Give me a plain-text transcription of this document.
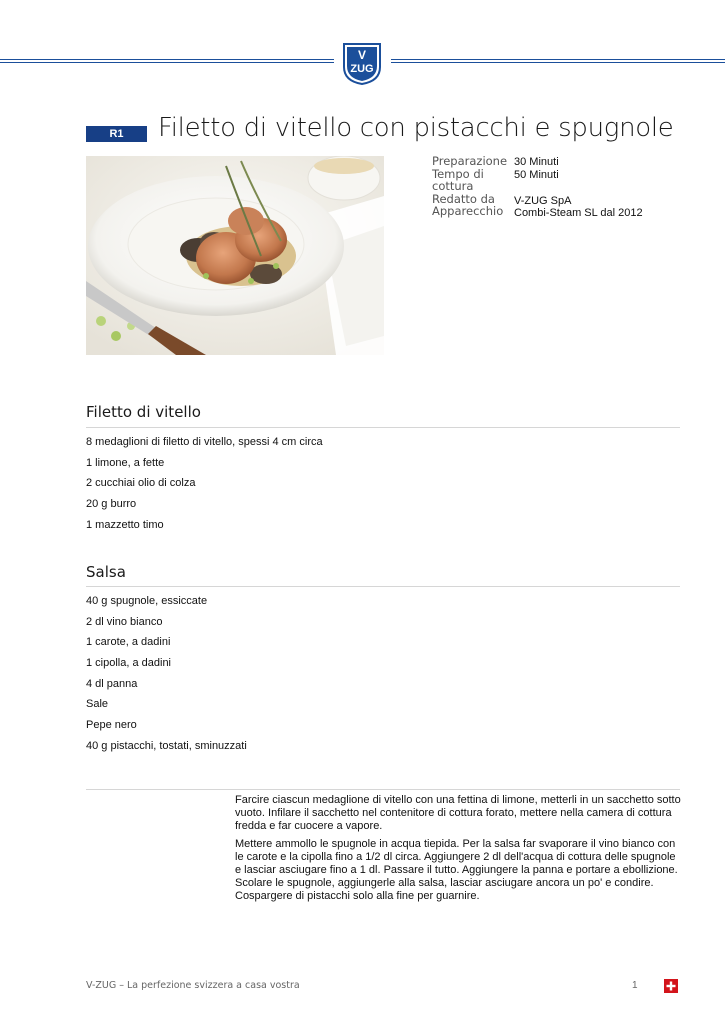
V
ZUG
R1	Filetto di vitello con pistacchi e spugnole
Preparazione 30 Minuti
Tempo di cottura
50 Minuti
Redatto da V-ZUG SpA
Apparecchio Combi-Steam SL dal 2012
Filetto di vitello
8 medaglioni di filetto di vitello, spessi 4 cm circa
1 limone, a fette
2 cucchiai olio di colza
20 g burro
1 mazzetto timo
Salsa
40 g spugnole, essiccate
2 dl vino bianco
1 carote, a dadini
1 cipolla, a dadini
4 dl panna
Sale
Pepe nero
40 g pistacchi, tostati, sminuzzati

Farcire ciascun medaglione di vitello con una fettina di limone, metterli in un sacchetto sotto vuoto. Infilare il sacchetto nel contenitore di cottura forato, mettere nella camera di cottura fredda e far cuocere a vapore.

Mettere ammollo le spugnole in acqua tiepida. Per la salsa far svaporare il vino bianco con le carote e la cipolla fino a 1/2 dl circa. Aggiungere 2 dl dell'acqua di cottura delle spugnole e lasciar asciugare fino a 1 dl. Passare il tutto. Aggiungere la panna e portare a ebollizione. Scolare le spugnole, aggiungerle alla salsa, lasciar asciugare ancora un po' e condire. Cospargere di pistacchi solo alla fine per guarnire.

V-ZUG – La perfezione svizzera a casa vostra	1
